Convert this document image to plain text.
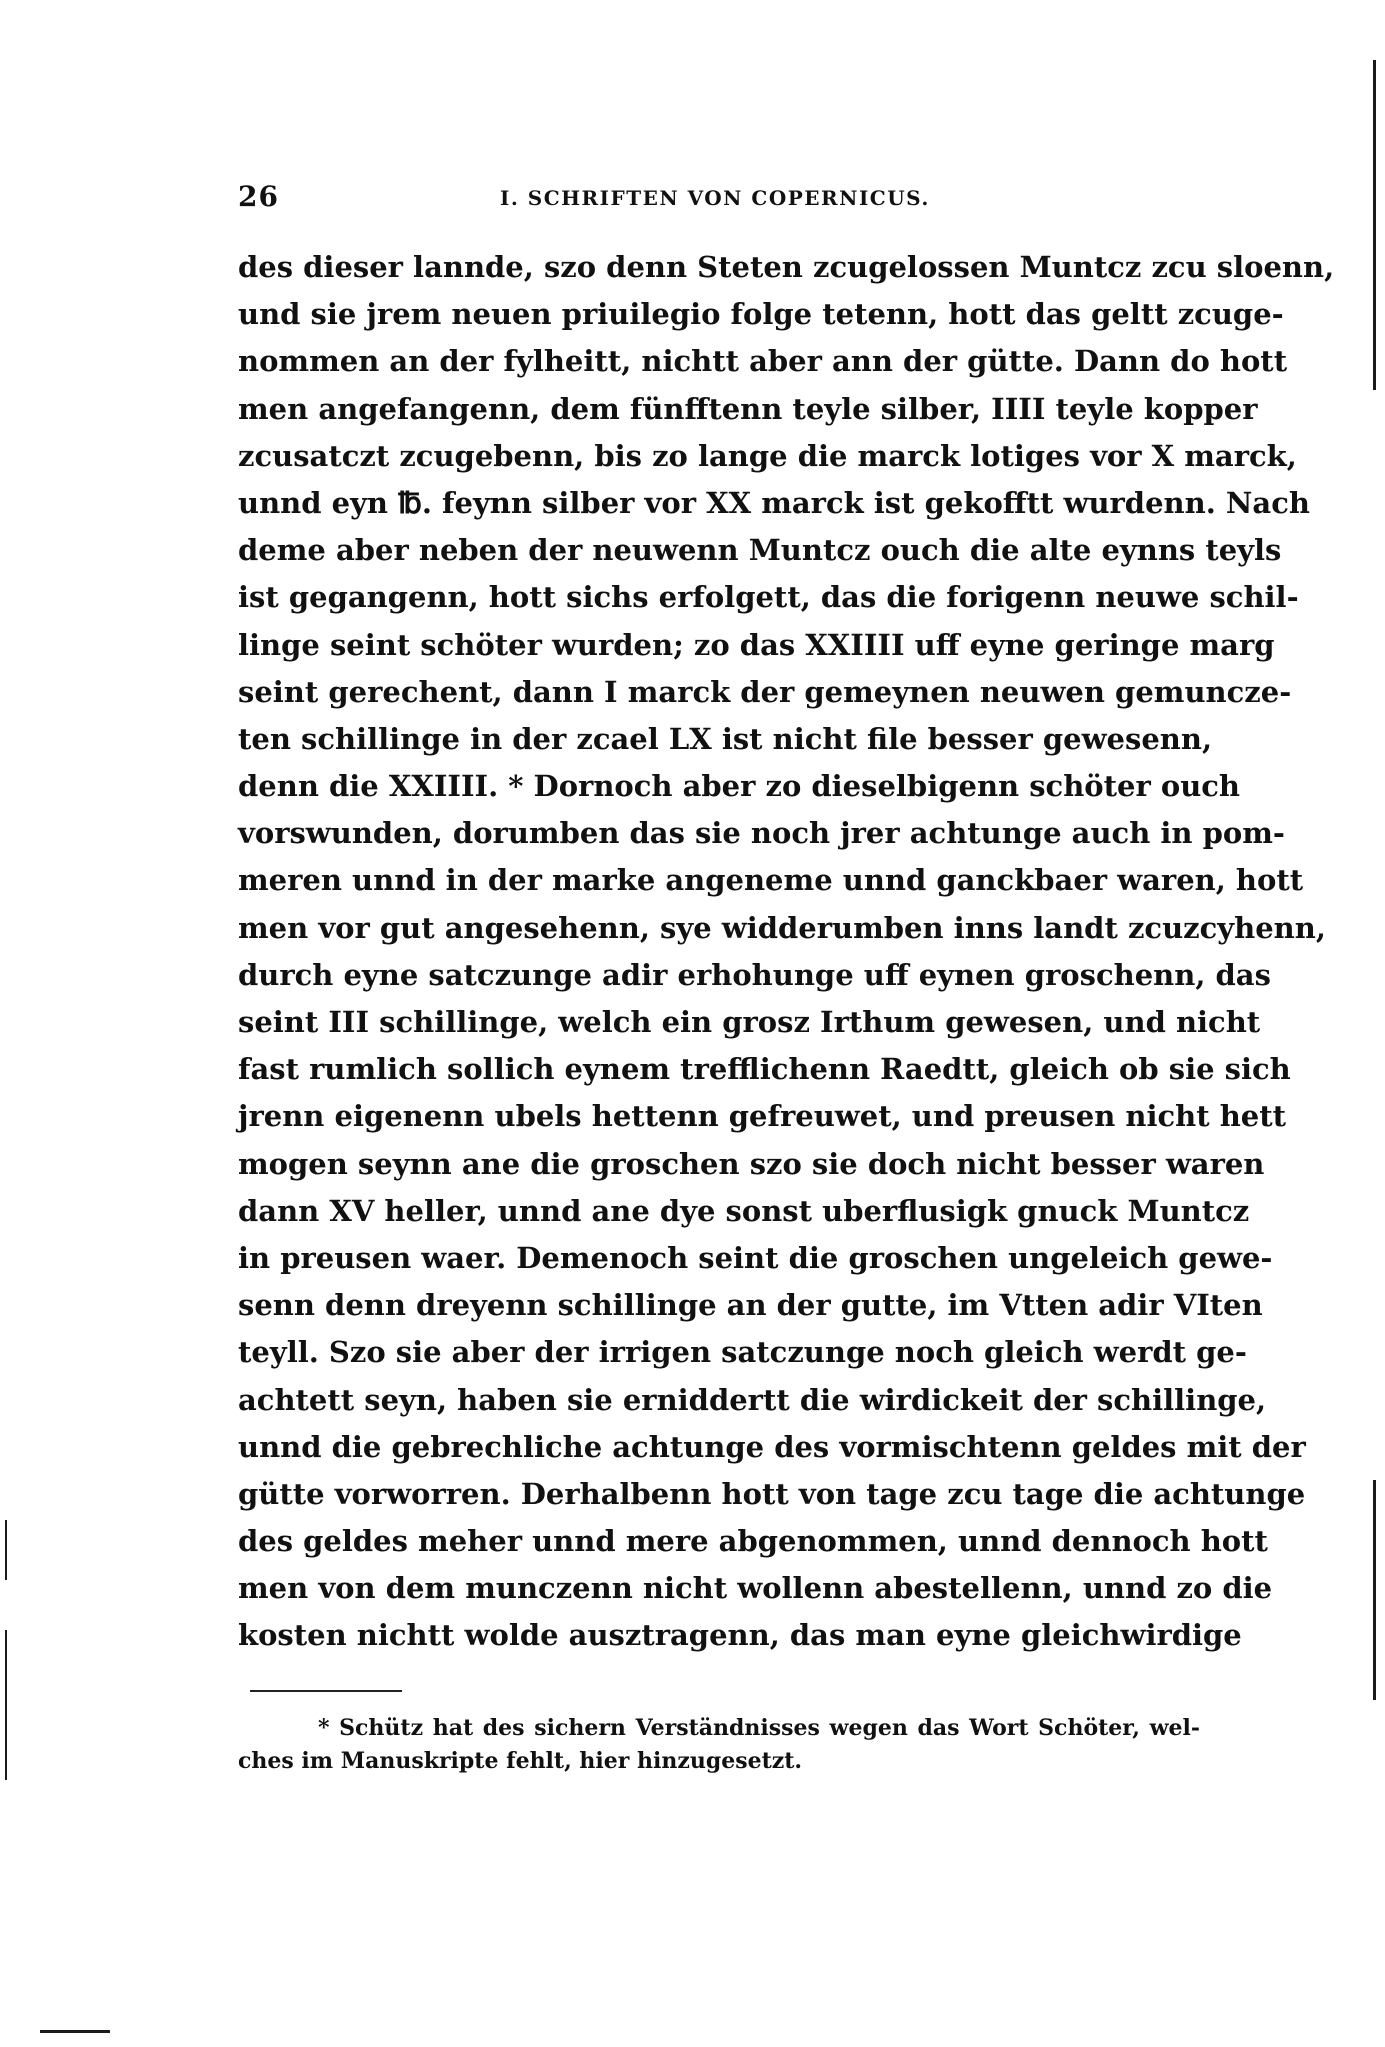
26	I. SCHRIFTEN VON COPERNICUS.
des dieser lannde, szo denn Steten zcugelossen Muntcz zcu sloenn,
und sie jrem neuen priuilegio folge tetenn, hott das geltt zcuge-
nommen an der fylheitt, nichtt aber ann der gütte. Dann do hott
men angefangenn, dem fünfftenn teyle silber, IIII teyle kopper
zcusatczt zcugebenn, bis zo lange die marck lotiges vor X marck,
unnd eyn ℔. feynn silber vor XX marck ist gekofftt wurdenn. Nach
deme aber neben der neuwenn Muntcz ouch die alte eynns teyls
ist gegangenn, hott sichs erfolgett, das die forigenn neuwe schil-
linge seint schöter wurden; zo das XXIIII uff eyne geringe marg
seint gerechent, dann I marck der gemeynen neuwen gemuncze-
ten schillinge in der zcael LX ist nicht file besser gewesenn,
denn die XXIIII. * Dornoch aber zo dieselbigenn schöter ouch
vorswunden, dorumben das sie noch jrer achtunge auch in pom-
meren unnd in der marke angeneme unnd ganckbaer waren, hott
men vor gut angesehenn, sye widderumben inns landt zcuzcyhenn,
durch eyne satczunge adir erhohunge uff eynen groschenn, das
seint III schillinge, welch ein grosz Irthum gewesen, und nicht
fast rumlich sollich eynem trefflichenn Raedtt, gleich ob sie sich
jrenn eigenenn ubels hettenn gefreuwet, und preusen nicht hett
mogen seynn ane die groschen szo sie doch nicht besser waren
dann XV heller, unnd ane dye sonst uberflusigk gnuck Muntcz
in preusen waer. Demenoch seint die groschen ungeleich gewe-
senn denn dreyenn schillinge an der gutte, im Vtten adir VIten
teyll. Szo sie aber der irrigen satczunge noch gleich werdt ge-
achtett seyn, haben sie erniddertt die wirdickeit der schillinge,
unnd die gebrechliche achtunge des vormischtenn geldes mit der
gütte vorworren. Derhalbenn hott von tage zcu tage die achtunge
des geldes meher unnd mere abgenommen, unnd dennoch hott
men von dem munczenn nicht wollenn abestellenn, unnd zo die
kosten nichtt wolde ausztragenn, das man eyne gleichwirdige
* Schütz hat des sichern Verständnisses wegen das Wort Schöter, wel-
ches im Manuskripte fehlt, hier hinzugesetzt.
